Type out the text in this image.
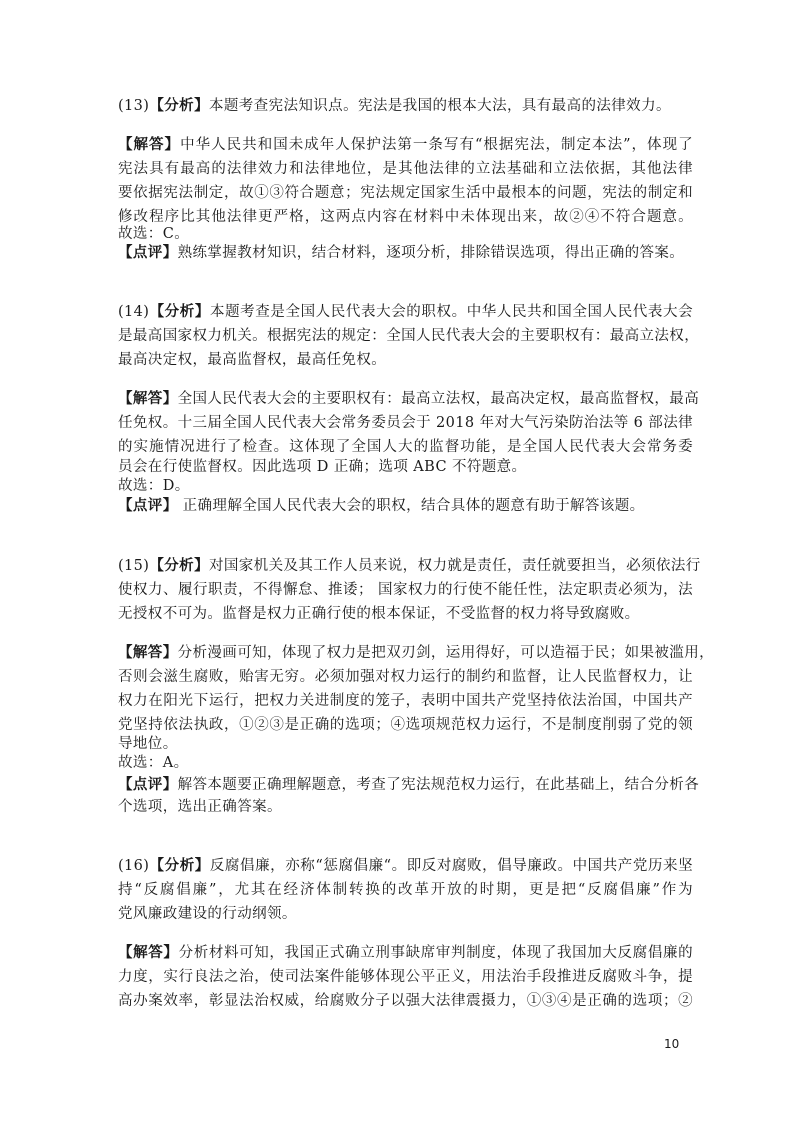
(13)【分析】本题考查宪法知识点。宪法是我国的根本大法，具有最高的法律效力。
【解答】中华人民共和国未成年人保护法第一条写有“根据宪法，制定本法”，体现了
宪法具有最高的法律效力和法律地位，是其他法律的立法基础和立法依据，其他法律
要依据宪法制定，故①③符合题意；宪法规定国家生活中最根本的问题，宪法的制定和
修改程序比其他法律更严格，这两点内容在材料中未体现出来，故②④不符合题意。
故选：C。
【点评】熟练掌握教材知识，结合材料，逐项分析，排除错误选项，得出正确的答案。
(14)【分析】本题考查是全国人民代表大会的职权。中华人民共和国全国人民代表大会
是最高国家权力机关。根据宪法的规定：全国人民代表大会的主要职权有：最高立法权，
最高决定权，最高监督权，最高任免权。
【解答】全国人民代表大会的主要职权有：最高立法权，最高决定权，最高监督权，最高
任免权。十三届全国人民代表大会常务委员会于 2018 年对大气污染防治法等 6 部法律
的实施情况进行了检查。这体现了全国人大的监督功能，是全国人民代表大会常务委
员会在行使监督权。因此选项 D 正确；选项 ABC 不符题意。
故选：D。
【点评】 正确理解全国人民代表大会的职权，结合具体的题意有助于解答该题。
(15)【分析】对国家机关及其工作人员来说，权力就是责任，责任就要担当，必须依法行
使权力、履行职责，不得懈怠、推诿； 国家权力的行使不能任性，法定职责必须为，法
无授权不可为。监督是权力正确行使的根本保证，不受监督的权力将导致腐败。
【解答】分析漫画可知，体现了权力是把双刃剑，运用得好，可以造福于民；如果被滥用，
否则会滋生腐败，贻害无穷。必须加强对权力运行的制约和监督，让人民监督权力，让
权力在阳光下运行，把权力关进制度的笼子，表明中国共产党坚持依法治国，中国共产
党坚持依法执政，①②③是正确的选项；④选项规范权力运行，不是制度削弱了党的领
导地位。
故选：A。
【点评】解答本题要正确理解题意，考查了宪法规范权力运行，在此基础上，结合分析各
个选项，选出正确答案。
(16)【分析】反腐倡廉，亦称“惩腐倡廉“。即反对腐败，倡导廉政。中国共产党历来坚
持“反腐倡廉”，尤其在经济体制转换的改革开放的时期，更是把“反腐倡廉”作为
党风廉政建设的行动纲领。
【解答】分析材料可知，我国正式确立刑事缺席审判制度，体现了我国加大反腐倡廉的
力度，实行良法之治，使司法案件能够体现公平正义，用法治手段推进反腐败斗争，提
高办案效率，彰显法治权威，给腐败分子以强大法律震摄力，①③④是正确的选项；②
10
